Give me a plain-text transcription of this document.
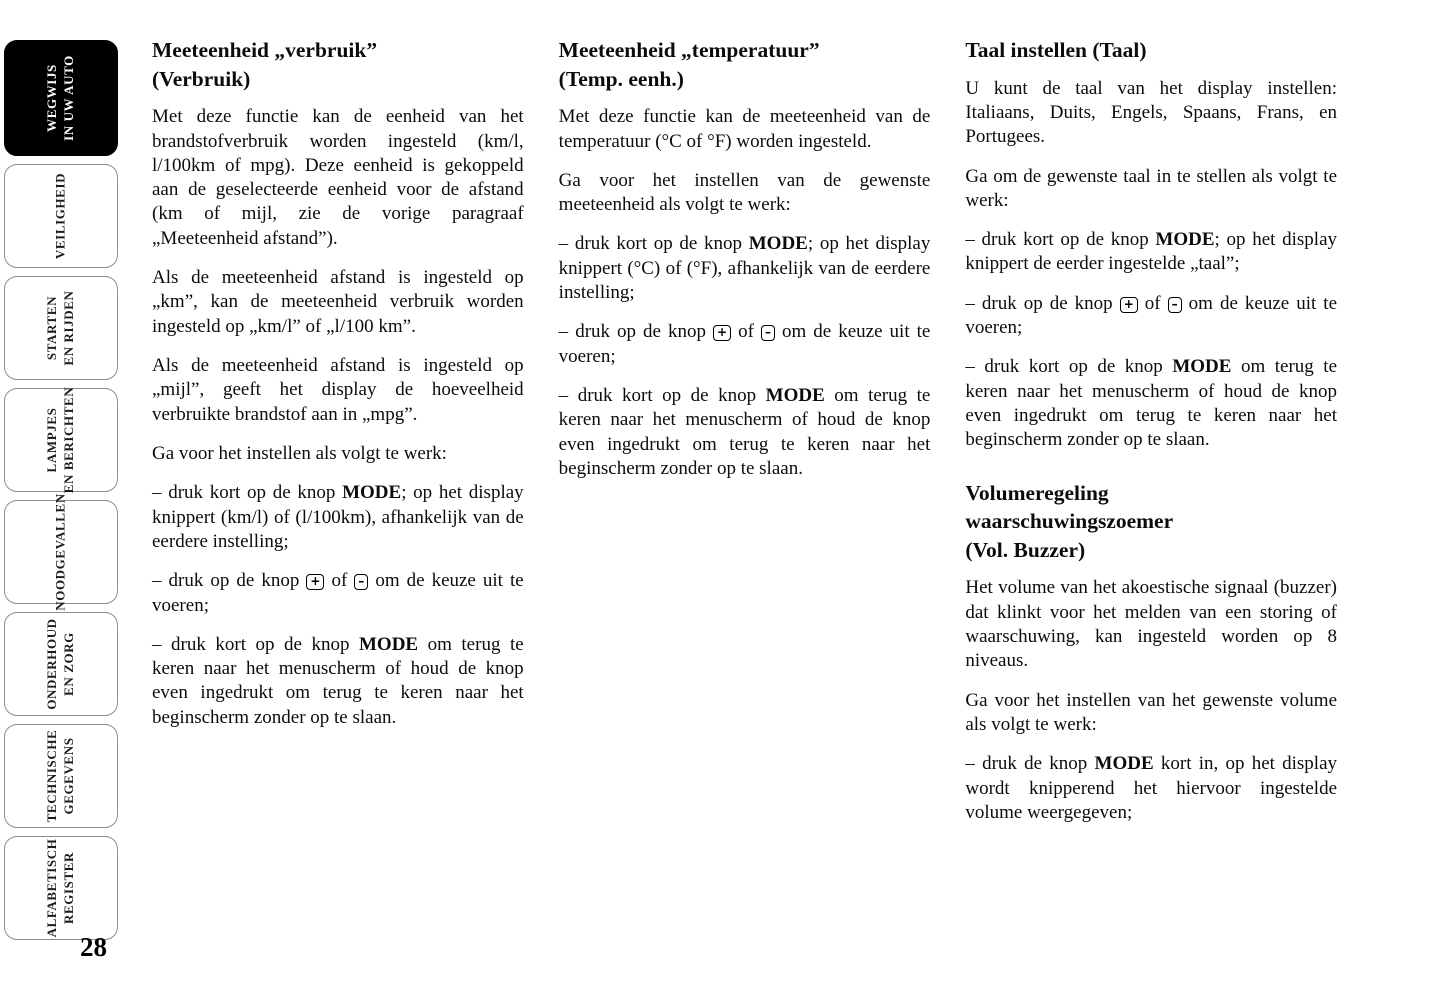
WEGWIJS IN UW AUTO
VEILIGHEID
STARTEN EN RIJDEN
LAMPJES EN BERICHTEN
NOODGEVALLEN
ONDERHOUD EN ZORG
TECHNISCHE GEGEVENS
ALFABETISCH REGISTER
Meeteenheid „verbruik”
(Verbruik)

Met deze functie kan de eenheid van het brandstofverbruik worden ingesteld (km/l, l/100km of mpg). Deze eenheid is gekoppeld aan de geselecteerde eenheid voor de afstand (km of mijl, zie de vorige paragraaf „Meeteenheid afstand”).

Als de meeteenheid afstand is ingesteld op „km”, kan de meeteenheid verbruik worden ingesteld op „km/l” of „l/100 km”.

Als de meeteenheid afstand is ingesteld op „mijl”, geeft het display de hoeveelheid verbruikte brandstof aan in „mpg”.

Ga voor het instellen als volgt te werk:

– druk kort op de knop MODE; op het display knippert (km/l) of (l/100km), afhankelijk van de eerdere instelling;

– druk op de knop + of – om de keuze uit te voeren;

– druk kort op de knop MODE om terug te keren naar het menuscherm of houd de knop even ingedrukt om terug te keren naar het beginscherm zonder op te slaan.

Meeteenheid „temperatuur”
(Temp. eenh.)

Met deze functie kan de meeteenheid van de temperatuur (°C of °F) worden ingesteld.

Ga voor het instellen van de gewenste meeteenheid als volgt te werk:

– druk kort op de knop MODE; op het display knippert (°C) of (°F), afhankelijk van de eerdere instelling;

– druk op de knop + of – om de keuze uit te voeren;

– druk kort op de knop MODE om terug te keren naar het menuscherm of houd de knop even ingedrukt om terug te keren naar het beginscherm zonder op te slaan.

Taal instellen (Taal)

U kunt de taal van het display instellen: Italiaans, Duits, Engels, Spaans, Frans, en Portugees.

Ga om de gewenste taal in te stellen als volgt te werk:

– druk kort op de knop MODE; op het display knippert de eerder ingestelde „taal”;

– druk op de knop + of – om de keuze uit te voeren;

– druk kort op de knop MODE om terug te keren naar het menuscherm of houd de knop even ingedrukt om terug te keren naar het beginscherm zonder op te slaan.

Volumeregeling
waarschuwingszoemer
(Vol. Buzzer)

Het volume van het akoestische signaal (buzzer) dat klinkt voor het melden van een storing of waarschuwing, kan ingesteld worden op 8 niveaus.

Ga voor het instellen van het gewenste volume als volgt te werk:

– druk de knop MODE kort in, op het display wordt knipperend het hiervoor ingestelde volume weergegeven;

28
